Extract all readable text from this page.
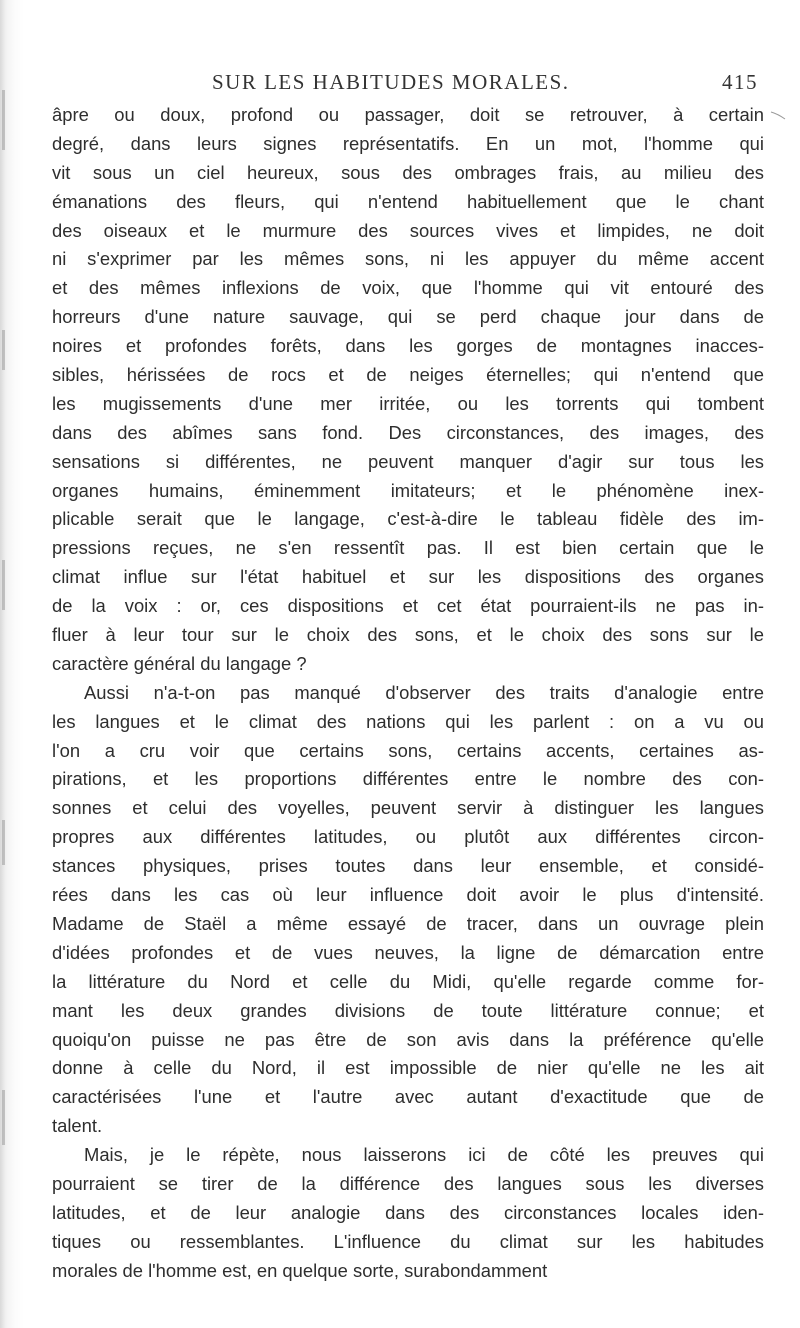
SUR LES HABITUDES MORALES.	415
âpre ou doux, profond ou passager, doit se retrouver, à certain
degré, dans leurs signes représentatifs. En un mot, l'homme qui
vit sous un ciel heureux, sous des ombrages frais, au milieu des
émanations des fleurs, qui n'entend habituellement que le chant
des oiseaux et le murmure des sources vives et limpides, ne doit
ni s'exprimer par les mêmes sons, ni les appuyer du même accent
et des mêmes inflexions de voix, que l'homme qui vit entouré des
horreurs d'une nature sauvage, qui se perd chaque jour dans de
noires et profondes forêts, dans les gorges de montagnes inacces-
sibles, hérissées de rocs et de neiges éternelles; qui n'entend que
les mugissements d'une mer irritée, ou les torrents qui tombent
dans des abîmes sans fond. Des circonstances, des images, des
sensations si différentes, ne peuvent manquer d'agir sur tous les
organes humains, éminemment imitateurs; et le phénomène inex-
plicable serait que le langage, c'est-à-dire le tableau fidèle des im-
pressions reçues, ne s'en ressentît pas. Il est bien certain que le
climat influe sur l'état habituel et sur les dispositions des organes
de la voix : or, ces dispositions et cet état pourraient-ils ne pas in-
fluer à leur tour sur le choix des sons, et le choix des sons sur le
caractère général du langage ?
Aussi n'a-t-on pas manqué d'observer des traits d'analogie entre
les langues et le climat des nations qui les parlent : on a vu ou
l'on a cru voir que certains sons, certains accents, certaines as-
pirations, et les proportions différentes entre le nombre des con-
sonnes et celui des voyelles, peuvent servir à distinguer les langues
propres aux différentes latitudes, ou plutôt aux différentes circon-
stances physiques, prises toutes dans leur ensemble, et considé-
rées dans les cas où leur influence doit avoir le plus d'intensité.
Madame de Staël a même essayé de tracer, dans un ouvrage plein
d'idées profondes et de vues neuves, la ligne de démarcation entre
la littérature du Nord et celle du Midi, qu'elle regarde comme for-
mant les deux grandes divisions de toute littérature connue; et
quoiqu'on puisse ne pas être de son avis dans la préférence qu'elle
donne à celle du Nord, il est impossible de nier qu'elle ne les ait
caractérisées l'une et l'autre avec autant d'exactitude que de
talent.
Mais, je le répète, nous laisserons ici de côté les preuves qui
pourraient se tirer de la différence des langues sous les diverses
latitudes, et de leur analogie dans des circonstances locales iden-
tiques ou ressemblantes. L'influence du climat sur les habitudes
morales de l'homme est, en quelque sorte, surabondamment
